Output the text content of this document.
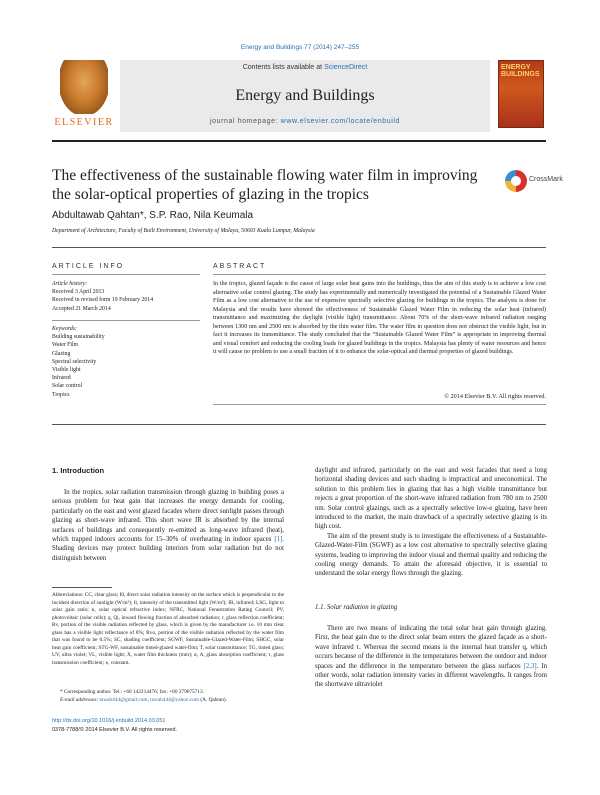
Energy and Buildings 77 (2014) 247–255
ELSEVIER
Contents lists available at ScienceDirect
Energy and Buildings
journal homepage: www.elsevier.com/locate/enbuild
ENERGY BUILDINGS
The effectiveness of the sustainable flowing water film in improving
the solar-optical properties of glazing in the tropics
CrossMark
Abdultawab Qahtan*, S.P. Rao, Nila Keumala
Department of Architecture, Faculty of Built Environment, University of Malaya, 50603 Kuala Lumpur, Malaysia
ARTICLE INFO	ABSTRACT
Article history:
Received 3 April 2013
Received in revised form 19 February 2014
Accepted 21 March 2014
Keywords:
Building sustainability
Water Film
Glazing
Spectral selectivity
Visible light
Infrared
Solar control
Tropics
In the tropics, glazed façade is the cause of large solar heat gains into the buildings, thus the aim of this study is to achieve a low cost alternative solar control glazing. The study has experimentally and numerically investigated the potential of a Sustainable Glazed Water Film as a low cost alternative to the use of expensive spectrally selective glazing for buildings in the tropics. The analysis is done for Malaysia and the results have showed the effectiveness of Sustainable Glazed Water Film in reducing the solar heat (infrared) transmittance and maximizing the daylight (visible light) transmittance. About 70% of the short-wave infrared radiation ranging between 1300 nm and 2500 nm is absorbed by the thin water film. The water film in question does not obstruct the visible light, but in fact it increases its transmittance. The study concluded that the “Sustainable Glazed Water Film” is appropriate in improving thermal and visual comfort and reducing the cooling loads for glazed buildings in the tropics. Malaysia has plenty of water resources and hence it will cause no problem to use a small fraction of it to enhance the solar-optical and thermal properties of glazed buildings.
© 2014 Elsevier B.V. All rights reserved.
1. Introduction
In the tropics, solar radiation transmission through glazing in building poses a serious problem for heat gain that increases the energy demands for cooling, particularly on the east and west glazed facades where direct sunlight passes through glazing as short-wave infrared. This short wave IR is absorbed by the internal surfaces of buildings and consequently re-emitted as long-wave infrared (heat), which trapped indoors accounts for 15–30% of overheating in indoor spaces [1]. Shading devices may protect building interiors from solar radiation but do not distinguish between
daylight and infrared, particularly on the east and west facades that need a long horizontal shading devices and such shading is impractical and uneconomical. The solution to this problem lies in glazing that has a high visible transmittance but rejects a great proportion of the short-wave infrared radiation from 780 nm to 2500 nm. Solar control glazings, such as a spectrally selective low-e glazing, have been introduced to the market, the main drawback of a spectrally selective glazing is its high cost.
The aim of the present study is to investigate the effectiveness of a Sustainable-Glazed-Water-Film (SGWF) as a low cost alternative to spectrally selective glazing systems, leading to improving the indoor visual and thermal quality and reducing the cooling energy demands. To attain the aforesaid objective, it is essential to understand the solar energy flows through the glazing.
1.1. Solar radiation in glazing
There are two means of indicating the total solar heat gain through glazing. First, the heat gain due to the direct solar beam enters the glazed façade as a short-wave infrared τ. Whereas the second means is the internal heat transfer q, which occurs because of the difference in the temperatures between the outdoor and indoor spaces and the difference in the temperature between the glass surfaces [2,3]. In other words, solar radiation intensity varies in different wavelengths. It ranges from the shortwave ultraviolet
Abbreviations: CC, clear glass; I0, direct solar radiation intensity on the surface which is perpendicular to the incident direction of sunlight (W/m²); It, intensity of the transmitted light (W/m²); IR, infrared; LSG, light to solar gain ratio; n, solar optical refractive index; NFRC, National Fenestration Rating Council; PV, photovoltaic (solar cells); q, Qi, inward flowing fraction of absorbed radiation; r, glass reflection coefficient; Rv, portion of the visible radiation reflected by glass, which is given by the manufacturer i.e. 10 mm clear glass has a visible light reflectance of 8%; Rvo, portion of the visible radiation reflected by the water film that was found to be 0.5%; SC, shading coefficient; SGWF, Sustainable-Glazed-Water-Film; SHGC, solar heat gain coefficient; STG-WF, sustainable tinted-glazed water-film; T, solar transmittance; TG, tinted glass; UV, ultra violet; VL, visible light; X, water film thickness (mm); α, A, glass absorption coefficient; τ, glass transmission coefficient; κ, constant.
* Corresponding author. Tel.: +60 142214476; fax: +60 379675713.
E-mail addresses: tawab444@gmail.com, tawab444@yahoo.com (A. Qahtan).
http://dx.doi.org/10.1016/j.enbuild.2014.03.051
0378-7788/© 2014 Elsevier B.V. All rights reserved.
